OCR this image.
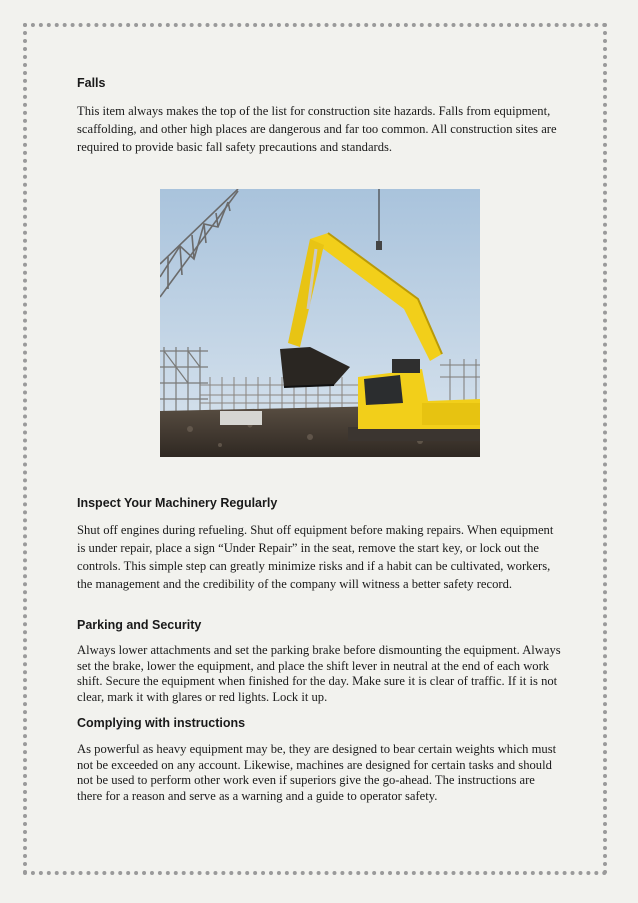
Falls

This item always makes the top of the list for construction site hazards. Falls from equipment, scaffolding, and other high places are dangerous and far too common. All construction sites are required to provide basic fall safety precautions and standards.

Inspect Your Machinery Regularly

Shut off engines during refueling. Shut off equipment before making repairs. When equipment is under repair, place a sign “Under Repair” in the seat, remove the start key, or lock out the controls. This simple step can greatly minimize risks and if a habit can be cultivated, workers, the management and the credibility of the company will witness a better safety record.

Parking and Security

Always lower attachments and set the parking brake before dismounting the equipment. Always set the brake, lower the equipment, and place the shift lever in neutral at the end of each work shift. Secure the equipment when finished for the day. Make sure it is clear of traffic. If it is not clear, mark it with glares or red lights. Lock it up.

Complying with instructions

As powerful as heavy equipment may be, they are designed to bear certain weights which must not be exceeded on any account. Likewise, machines are designed for certain tasks and should not be used to perform other work even if superiors give the go-ahead. The instructions are there for a reason and serve as a warning and a guide to operator safety.
